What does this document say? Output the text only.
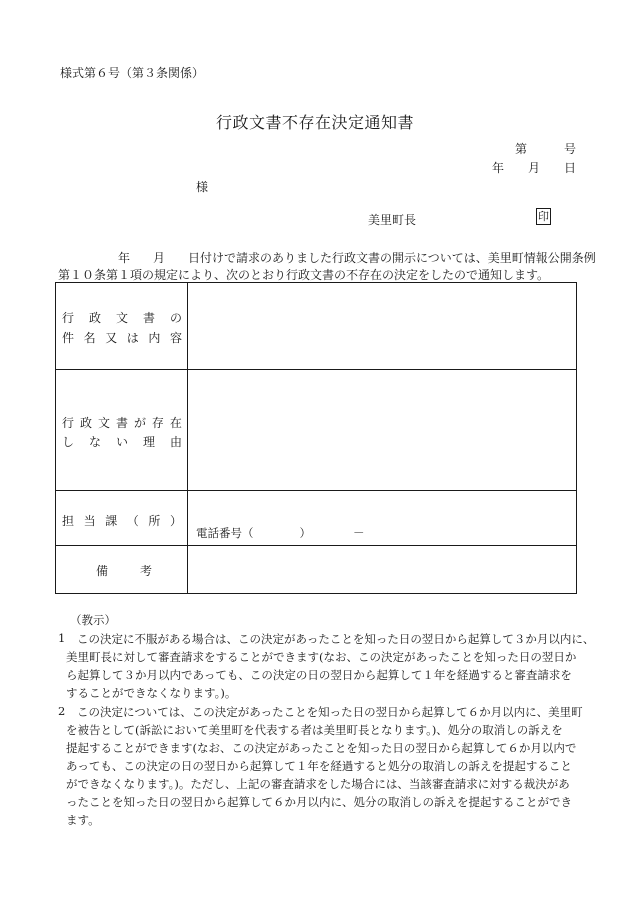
様式第６号（第３条関係）
行政文書不存在決定通知書
第	号
年 月 日
様
美里町長	印
年 月 日付けで請求のありました行政文書の開示については、美里町情報公開条例
第１０条第１項の規定により、次のとおり行政文書の不存在の決定をしたので通知します。
行 政 文 書 の
件 名 又 は 内 容
行 政 文 書 が 存 在
し な い 理 由
担 当 課 （ 所 ）
電話番号（	）	－
備	考
（教示）
1 この決定に不服がある場合は、この決定があったことを知った日の翌日から起算して３か月以内に、
美里町長に対して審査請求をすることができます(なお、この決定があったことを知った日の翌日か
ら起算して３か月以内であっても、この決定の日の翌日から起算して１年を経過すると審査請求を
することができなくなります。)。
2 この決定については、この決定があったことを知った日の翌日から起算して６か月以内に、美里町
を被告として(訴訟において美里町を代表する者は美里町長となります。)、処分の取消しの訴えを
提起することができます(なお、この決定があったことを知った日の翌日から起算して６か月以内で
あっても、この決定の日の翌日から起算して１年を経過すると処分の取消しの訴えを提起すること
ができなくなります。)。ただし、上記の審査請求をした場合には、当該審査請求に対する裁決があ
ったことを知った日の翌日から起算して６か月以内に、処分の取消しの訴えを提起することができ
ます。
